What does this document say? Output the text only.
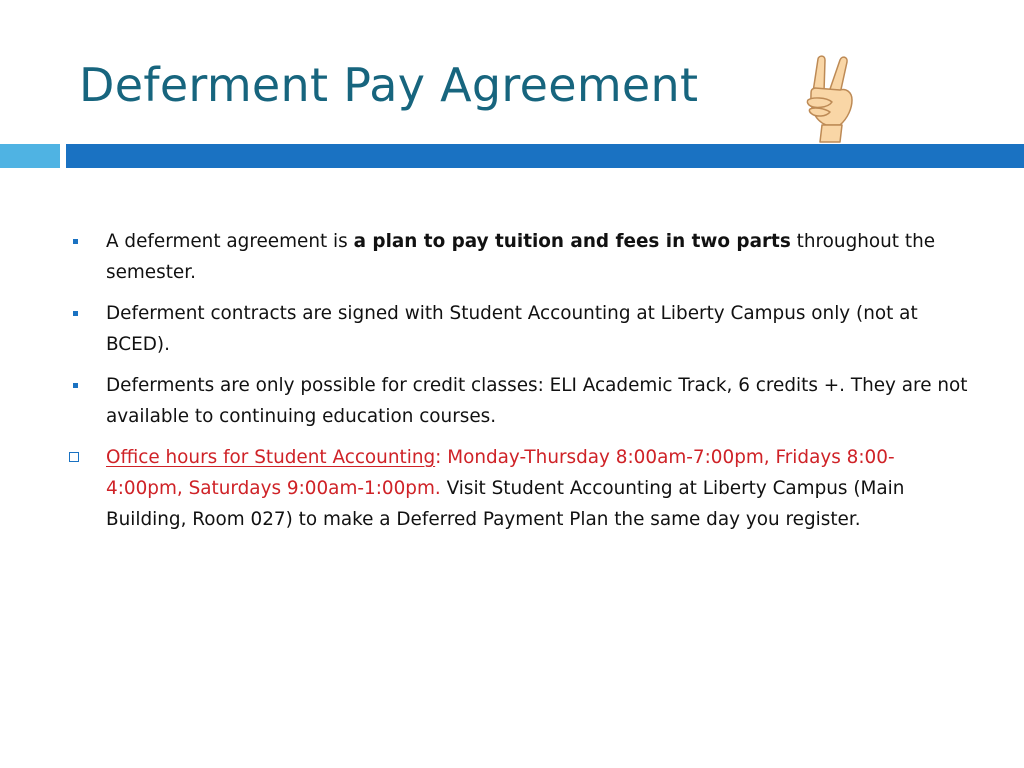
Deferment Pay Agreement
A deferment agreement is a plan to pay tuition and fees in two parts throughout the semester.
Deferment contracts are signed with Student Accounting at Liberty Campus only (not at BCED).
Deferments are only possible for credit classes: ELI Academic Track, 6 credits +. They are not available to continuing education courses.
Office hours for Student Accounting: Monday-Thursday 8:00am-7:00pm, Fridays 8:00-4:00pm, Saturdays 9:00am-1:00pm. Visit Student Accounting at Liberty Campus (Main Building, Room 027) to make a Deferred Payment Plan the same day you register.
